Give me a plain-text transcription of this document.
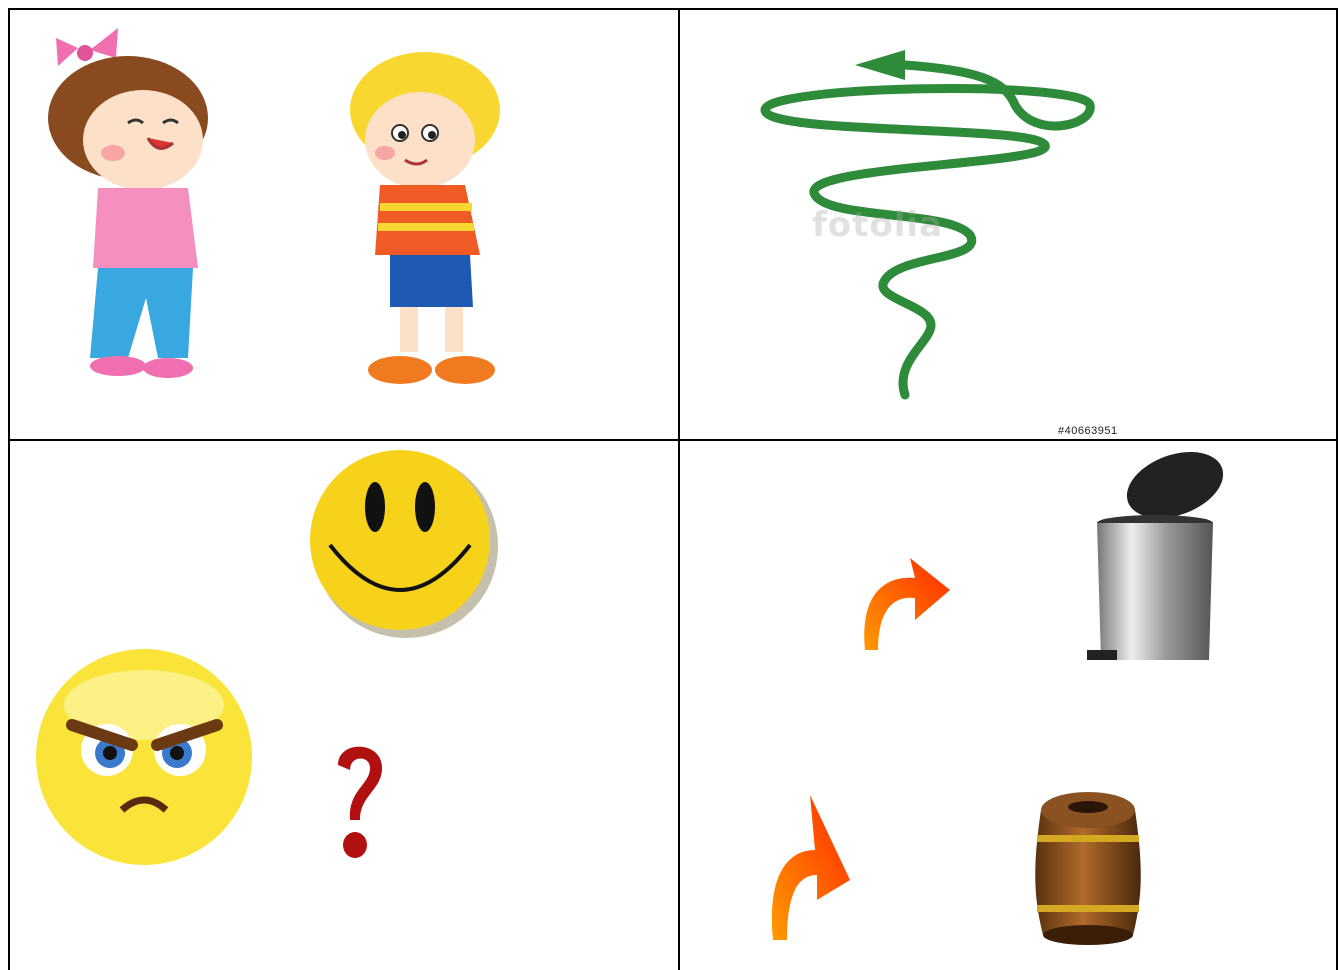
fotolia
#40663951
